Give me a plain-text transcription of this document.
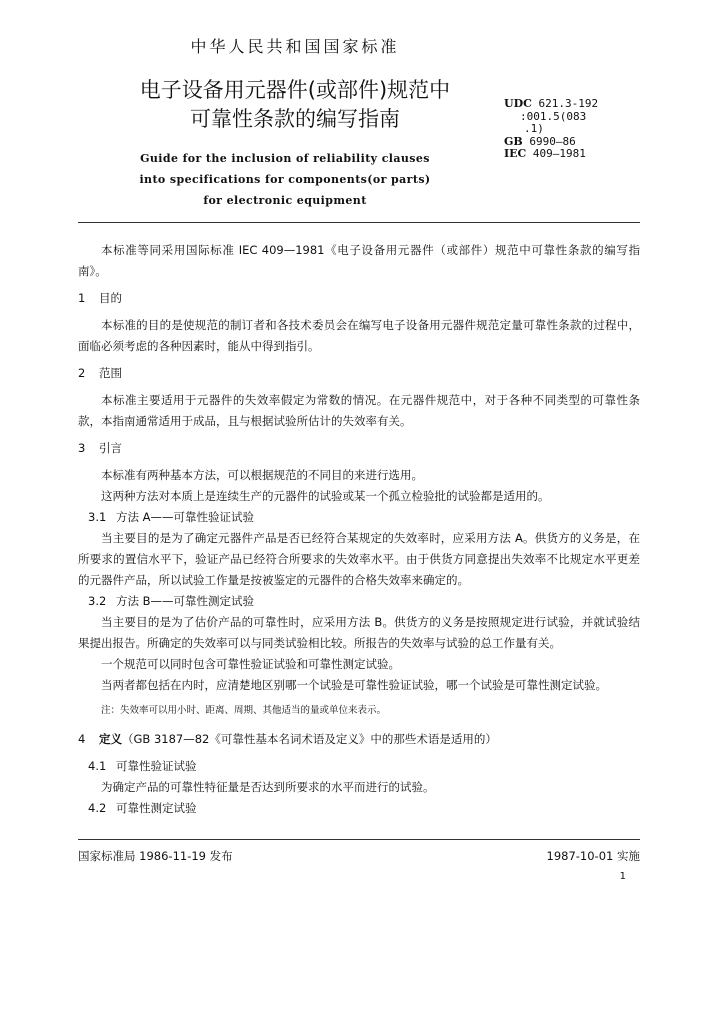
中华人民共和国国家标准
电子设备用元器件(或部件)规范中
可靠性条款的编写指南
Guide for the inclusion of reliability clauses
into specifications for components(or parts)
for electronic equipment
UDC 621.3-192
:001.5(083
.1)
GB 6990—86
IEC 409—1981

本标准等同采用国际标准 IEC 409—1981《电子设备用元器件（或部件）规范中可靠性条款的编写指南》。

1 目的

本标准的目的是使规范的制订者和各技术委员会在编写电子设备用元器件规范定量可靠性条款的过程中，面临必须考虑的各种因素时，能从中得到指引。

2 范围

本标准主要适用于元器件的失效率假定为常数的情况。在元器件规范中，对于各种不同类型的可靠性条款，本指南通常适用于成品，且与根据试验所估计的失效率有关。

3 引言

本标准有两种基本方法，可以根据规范的不同目的来进行选用。

这两种方法对本质上是连续生产的元器件的试验或某一个孤立检验批的试验都是适用的。

3.1 方法 A——可靠性验证试验

当主要目的是为了确定元器件产品是否已经符合某规定的失效率时，应采用方法 A。供货方的义务是，在所要求的置信水平下，验证产品已经符合所要求的失效率水平。由于供货方同意提出失效率不比规定水平更差的元器件产品，所以试验工作量是按被鉴定的元器件的合格失效率来确定的。

3.2 方法 B——可靠性测定试验

当主要目的是为了估价产品的可靠性时，应采用方法 B。供货方的义务是按照规定进行试验，并就试验结果提出报告。所确定的失效率可以与同类试验相比较。所报告的失效率与试验的总工作量有关。

一个规范可以同时包含可靠性验证试验和可靠性测定试验。

当两者都包括在内时，应清楚地区别哪一个试验是可靠性验证试验，哪一个试验是可靠性测定试验。

注：失效率可以用小时、距离、周期、其他适当的量或单位来表示。

4 定义（GB 3187—82《可靠性基本名词术语及定义》中的那些术语是适用的）

4.1 可靠性验证试验

为确定产品的可靠性特征量是否达到所要求的水平而进行的试验。

4.2 可靠性测定试验

国家标准局 1986-11-19 发布	1987-10-01 实施
1
